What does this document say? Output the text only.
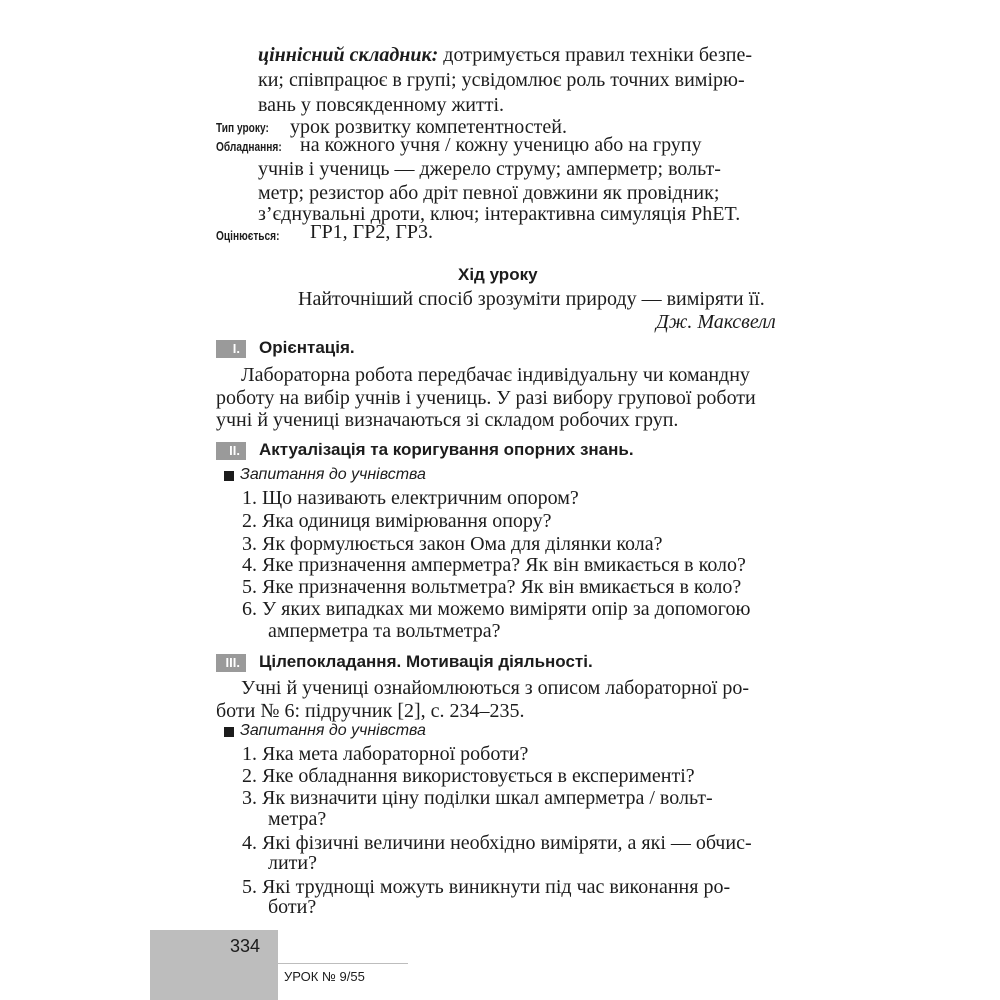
ціннісний складник: дотримується правил техніки безпе-
ки; співпрацює в групі; усвідомлює роль точних вимірю-
вань у повсякденному житті.
Тип уроку: урок розвитку компетентностей.
Обладнання: на кожного учня / кожну ученицю або на групу
учнів і учениць — джерело струму; амперметр; вольт-
метр; резистор або дріт певної довжини як провідник;
з’єднувальні дроти, ключ; інтерактивна симуляція PhET.
Оцінюється: ГР1, ГР2, ГР3.
Хід уроку
Найточніший спосіб зрозуміти природу — виміряти її.
Дж. Максвелл
I.	Орієнтація.
Лабораторна робота передбачає індивідуальну чи командну
роботу на вибір учнів і учениць. У разі вибору групової роботи
учні й учениці визначаються зі складом робочих груп.
II.	Актуалізація та коригування опорних знань.
Запитання до учнівства
1. Що називають електричним опором?
2. Яка одиниця вимірювання опору?
3. Як формулюється закон Ома для ділянки кола?
4. Яке призначення амперметра? Як він вмикається в коло?
5. Яке призначення вольтметра? Як він вмикається в коло?
6. У яких випадках ми можемо виміряти опір за допомогою
амперметра та вольтметра?
III.	Цілепокладання. Мотивація діяльності.
Учні й учениці ознайомлюються з описом лабораторної ро-
боти № 6: підручник [2], с. 234–235.
Запитання до учнівства
1. Яка мета лабораторної роботи?
2. Яке обладнання використовується в експерименті?
3. Як визначити ціну поділки шкал амперметра / вольт-
метра?
4. Які фізичні величини необхідно виміряти, а які — обчис-
лити?
5. Які труднощі можуть виникнути під час виконання ро-
боти?
334
УРОК № 9/55
